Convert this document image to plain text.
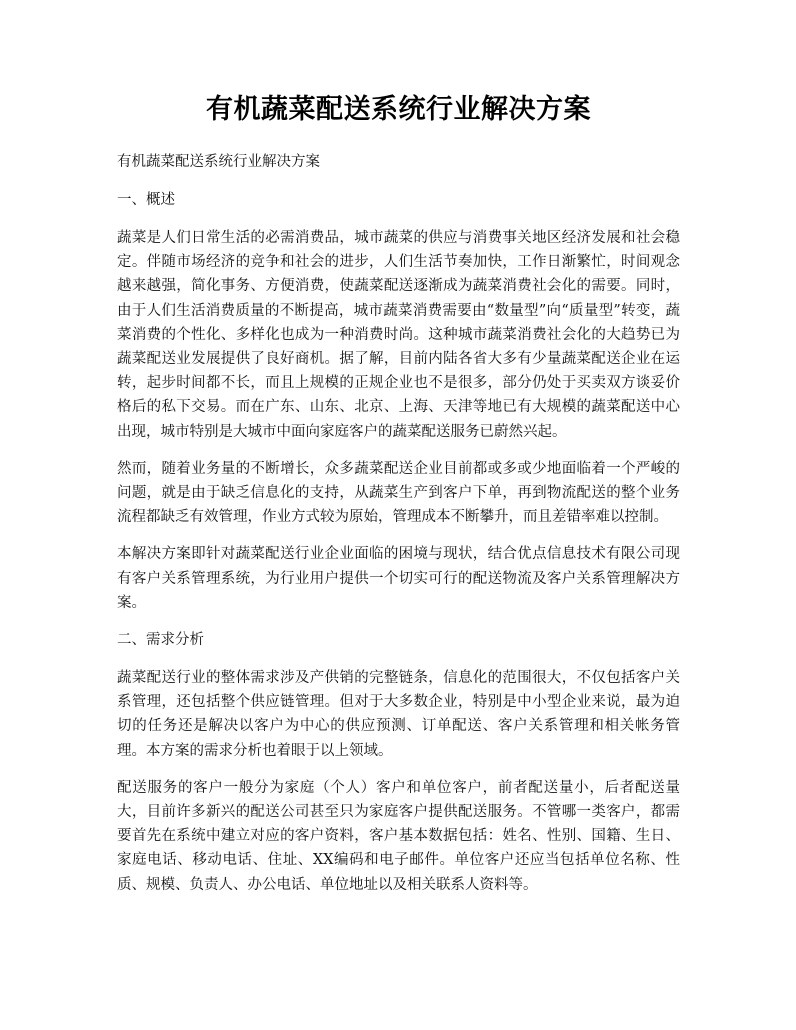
有机蔬菜配送系统行业解决方案

有机蔬菜配送系统行业解决方案

一、概述

蔬菜是人们日常生活的必需消费品，城市蔬菜的供应与消费事关地区经济发展和社会稳定。伴随市场经济的竞争和社会的进步，人们生活节奏加快，工作日渐繁忙，时间观念越来越强，简化事务、方便消费，使蔬菜配送逐渐成为蔬菜消费社会化的需要。同时，由于人们生活消费质量的不断提高，城市蔬菜消费需要由“数量型”向“质量型”转变，蔬菜消费的个性化、多样化也成为一种消费时尚。这种城市蔬菜消费社会化的大趋势已为蔬菜配送业发展提供了良好商机。据了解，目前内陆各省大多有少量蔬菜配送企业在运转，起步时间都不长，而且上规模的正规企业也不是很多，部分仍处于买卖双方谈妥价格后的私下交易。而在广东、山东、北京、上海、天津等地已有大规模的蔬菜配送中心出现，城市特别是大城市中面向家庭客户的蔬菜配送服务已蔚然兴起。

然而，随着业务量的不断增长，众多蔬菜配送企业目前都或多或少地面临着一个严峻的问题，就是由于缺乏信息化的支持，从蔬菜生产到客户下单，再到物流配送的整个业务流程都缺乏有效管理，作业方式较为原始，管理成本不断攀升，而且差错率难以控制。

本解决方案即针对蔬菜配送行业企业面临的困境与现状，结合优点信息技术有限公司现有客户关系管理系统，为行业用户提供一个切实可行的配送物流及客户关系管理解决方案。

二、需求分析

蔬菜配送行业的整体需求涉及产供销的完整链条，信息化的范围很大，不仅包括客户关系管理，还包括整个供应链管理。但对于大多数企业，特别是中小型企业来说，最为迫切的任务还是解决以客户为中心的供应预测、订单配送、客户关系管理和相关帐务管理。本方案的需求分析也着眼于以上领域。

配送服务的客户一般分为家庭（个人）客户和单位客户，前者配送量小，后者配送量大，目前许多新兴的配送公司甚至只为家庭客户提供配送服务。不管哪一类客户，都需要首先在系统中建立对应的客户资料，客户基本数据包括：姓名、性别、国籍、生日、家庭电话、移动电话、住址、XX编码和电子邮件。单位客户还应当包括单位名称、性质、规模、负责人、办公电话、单位地址以及相关联系人资料等。
